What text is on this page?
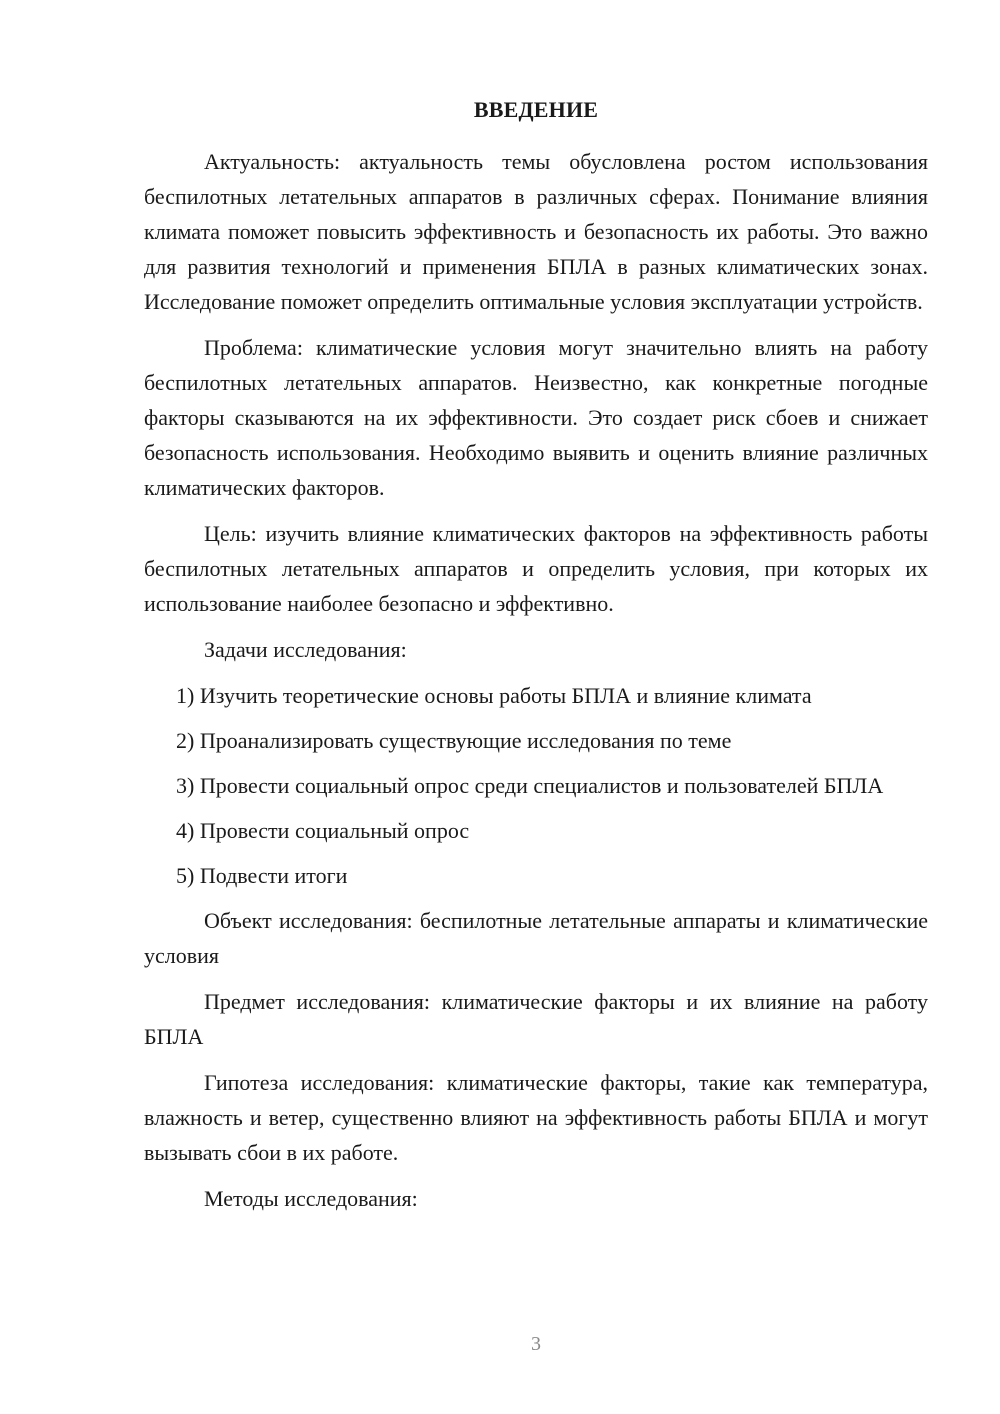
ВВЕДЕНИЕ

Актуальность: актуальность темы обусловлена ростом использования беспилотных летательных аппаратов в различных сферах. Понимание влияния климата поможет повысить эффективность и безопасность их работы. Это важно для развития технологий и применения БПЛА в разных климатических зонах. Исследование поможет определить оптимальные условия эксплуатации устройств.

Проблема: климатические условия могут значительно влиять на работу беспилотных летательных аппаратов. Неизвестно, как конкретные погодные факторы сказываются на их эффективности. Это создает риск сбоев и снижает безопасность использования. Необходимо выявить и оценить влияние различных климатических факторов.

Цель: изучить влияние климатических факторов на эффективность работы беспилотных летательных аппаратов и определить условия, при которых их использование наиболее безопасно и эффективно.

Задачи исследования:

1) Изучить теоретические основы работы БПЛА и влияние климата

2) Проанализировать существующие исследования по теме

3) Провести социальный опрос среди специалистов и пользователей БПЛА

4) Провести социальный опрос

5) Подвести итоги

Объект исследования: беспилотные летательные аппараты и климатические условия

Предмет исследования: климатические факторы и их влияние на работу БПЛА

Гипотеза исследования: климатические факторы, такие как температура, влажность и ветер, существенно влияют на эффективность работы БПЛА и могут вызывать сбои в их работе.

Методы исследования:

3
